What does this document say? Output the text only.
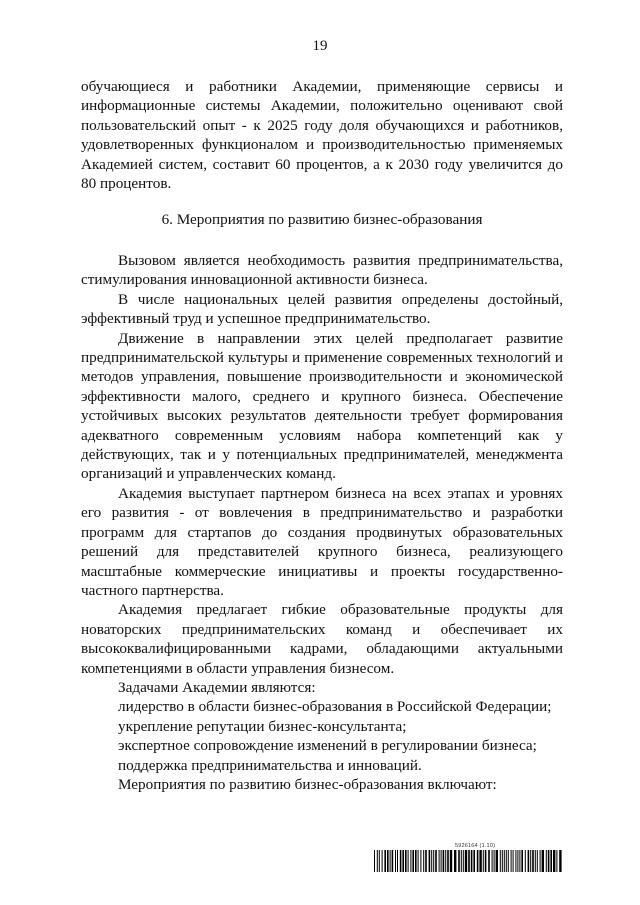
19

обучающиеся и работники Академии, применяющие сервисы и информационные системы Академии, положительно оценивают свой пользовательский опыт - к 2025 году доля обучающихся и работников, удовлетворенных функционалом и производительностью применяемых Академией систем, составит 60 процентов, а к 2030 году увеличится до 80 процентов.

6. Мероприятия по развитию бизнес-образования

Вызовом является необходимость развития предпринимательства, стимулирования инновационной активности бизнеса.

В числе национальных целей развития определены достойный, эффективный труд и успешное предпринимательство.

Движение в направлении этих целей предполагает развитие предпринимательской культуры и применение современных технологий и методов управления, повышение производительности и экономической эффективности малого, среднего и крупного бизнеса. Обеспечение устойчивых высоких результатов деятельности требует формирования адекватного современным условиям набора компетенций как у действующих, так и у потенциальных предпринимателей, менеджмента организаций и управленческих команд.

Академия выступает партнером бизнеса на всех этапах и уровнях его развития - от вовлечения в предпринимательство и разработки программ для стартапов до создания продвинутых образовательных решений для представителей крупного бизнеса, реализующего масштабные коммерческие инициативы и проекты государственно-частного партнерства.

Академия предлагает гибкие образовательные продукты для новаторских предпринимательских команд и обеспечивает их высококвалифицированными кадрами, обладающими актуальными компетенциями в области управления бизнесом.

Задачами Академии являются:

лидерство в области бизнес-образования в Российской Федерации;

укрепление репутации бизнес-консультанта;

экспертное сопровождение изменений в регулировании бизнеса;

поддержка предпринимательства и инноваций.

Мероприятия по развитию бизнес-образования включают:

5926164 (1.10)
